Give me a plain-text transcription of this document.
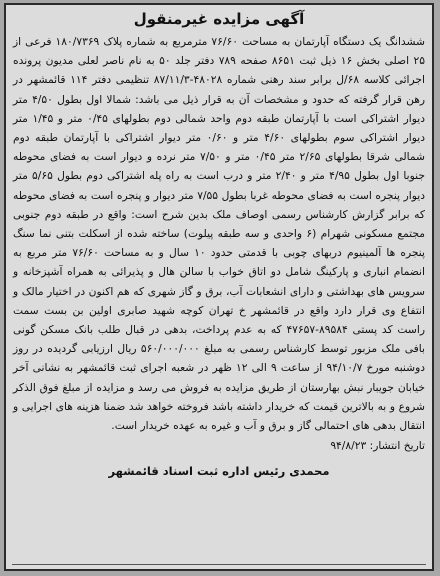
آگهی مزایده غیرمنقول

ششدانگ یک دستگاه آپارتمان به مساحت ۷۶/۶۰ مترمربع به شماره پلاک ۱۸۰/۷۳۶۹ فرعی از ۲۵ اصلی بخش ۱۶ ذیل ثبت ۸۶۵۱ صفحه ۷۸۹ دفتر جلد ۵۰ به نام ناصر لعلی مدیون پرونده اجرائی کلاسه ۶۸/ل برابر سند رهنی شماره ۴۸۰۲۸-۸۷/۱۱/۳ تنظیمی دفتر ۱۱۴ قائمشهر در رهن قرار گرفته که حدود و مشخصات آن به قرار ذیل می باشد: شمالا اول بطول ۴/۵۰ متر دیوار اشتراکی است با آپارتمان طبقه دوم واحد شمالی دوم بطولهای ۰/۴۵ متر و ۱/۴۵ متر دیوار اشتراکی سوم بطولهای ۴/۶۰ متر و ۰/۶۰ متر دیوار اشتراکی با آپارتمان طبقه دوم شمالی شرقا بطولهای ۲/۶۵ متر ۰/۴۵ متر و ۷/۵۰ متر نرده و دیوار است به فضای محوطه جنوبا اول بطول ۴/۹۵ متر و ۲/۴۰ متر و درب است به راه پله اشتراکی دوم بطول ۵/۶۵ متر دیوار پنجره است به فضای محوطه غربا بطول ۷/۵۵ متر دیوار و پنجره است به فضای محوطه که برابر گزارش کارشناس رسمی اوصاف ملک بدین شرح است: واقع در طبقه دوم جنوبی مجتمع مسکونی شهرام (۶ واحدی و سه طبقه پیلوت) ساخته شده از اسکلت بتنی نما سنگ پنجره ها آلمینیوم دربهای چوبی با قدمتی حدود ۱۰ سال و به مساحت ۷۶/۶۰ متر مربع به انضمام انباری و پارکینگ شامل دو اتاق خواب با سالن هال و پذیرائی به همراه آشپزخانه و سرویس های بهداشتی و دارای انشعابات آب، برق و گاز شهری که هم اکنون در اختیار مالک و انتفاع وی قرار دارد واقع در قائمشهر خ تهران کوچه شهید صابری اولین بن بست سمت راست کد پستی ۸۹۵۸۴-۴۷۶۵۷ که به عدم پرداخت، بدهی در قبال طلب بانک مسکن گونی بافی ملک مزبور توسط کارشناس رسمی به مبلغ ۵۶۰/۰۰۰/۰۰۰ ریال ارزیابی گردیده در روز دوشنبه مورخ ۹۴/۱۰/۷ از ساعت ۹ الی ۱۲ ظهر در شعبه اجرای ثبت قائمشهر به نشانی آخر خیابان جویبار نبش بهارستان از طریق مزایده به فروش می رسد و مزایده از مبلغ فوق الذکر شروع و به بالاترین قیمت که خریدار داشته باشد فروخته خواهد شد ضمنا هزینه های اجرایی و انتقال بدهی های احتمالی گاز و برق و آب و غیره به عهده خریدار است.

تاریخ انتشار: ۹۴/۸/۲۳
محمدی رئیس اداره ثبت اسناد قائمشهر
